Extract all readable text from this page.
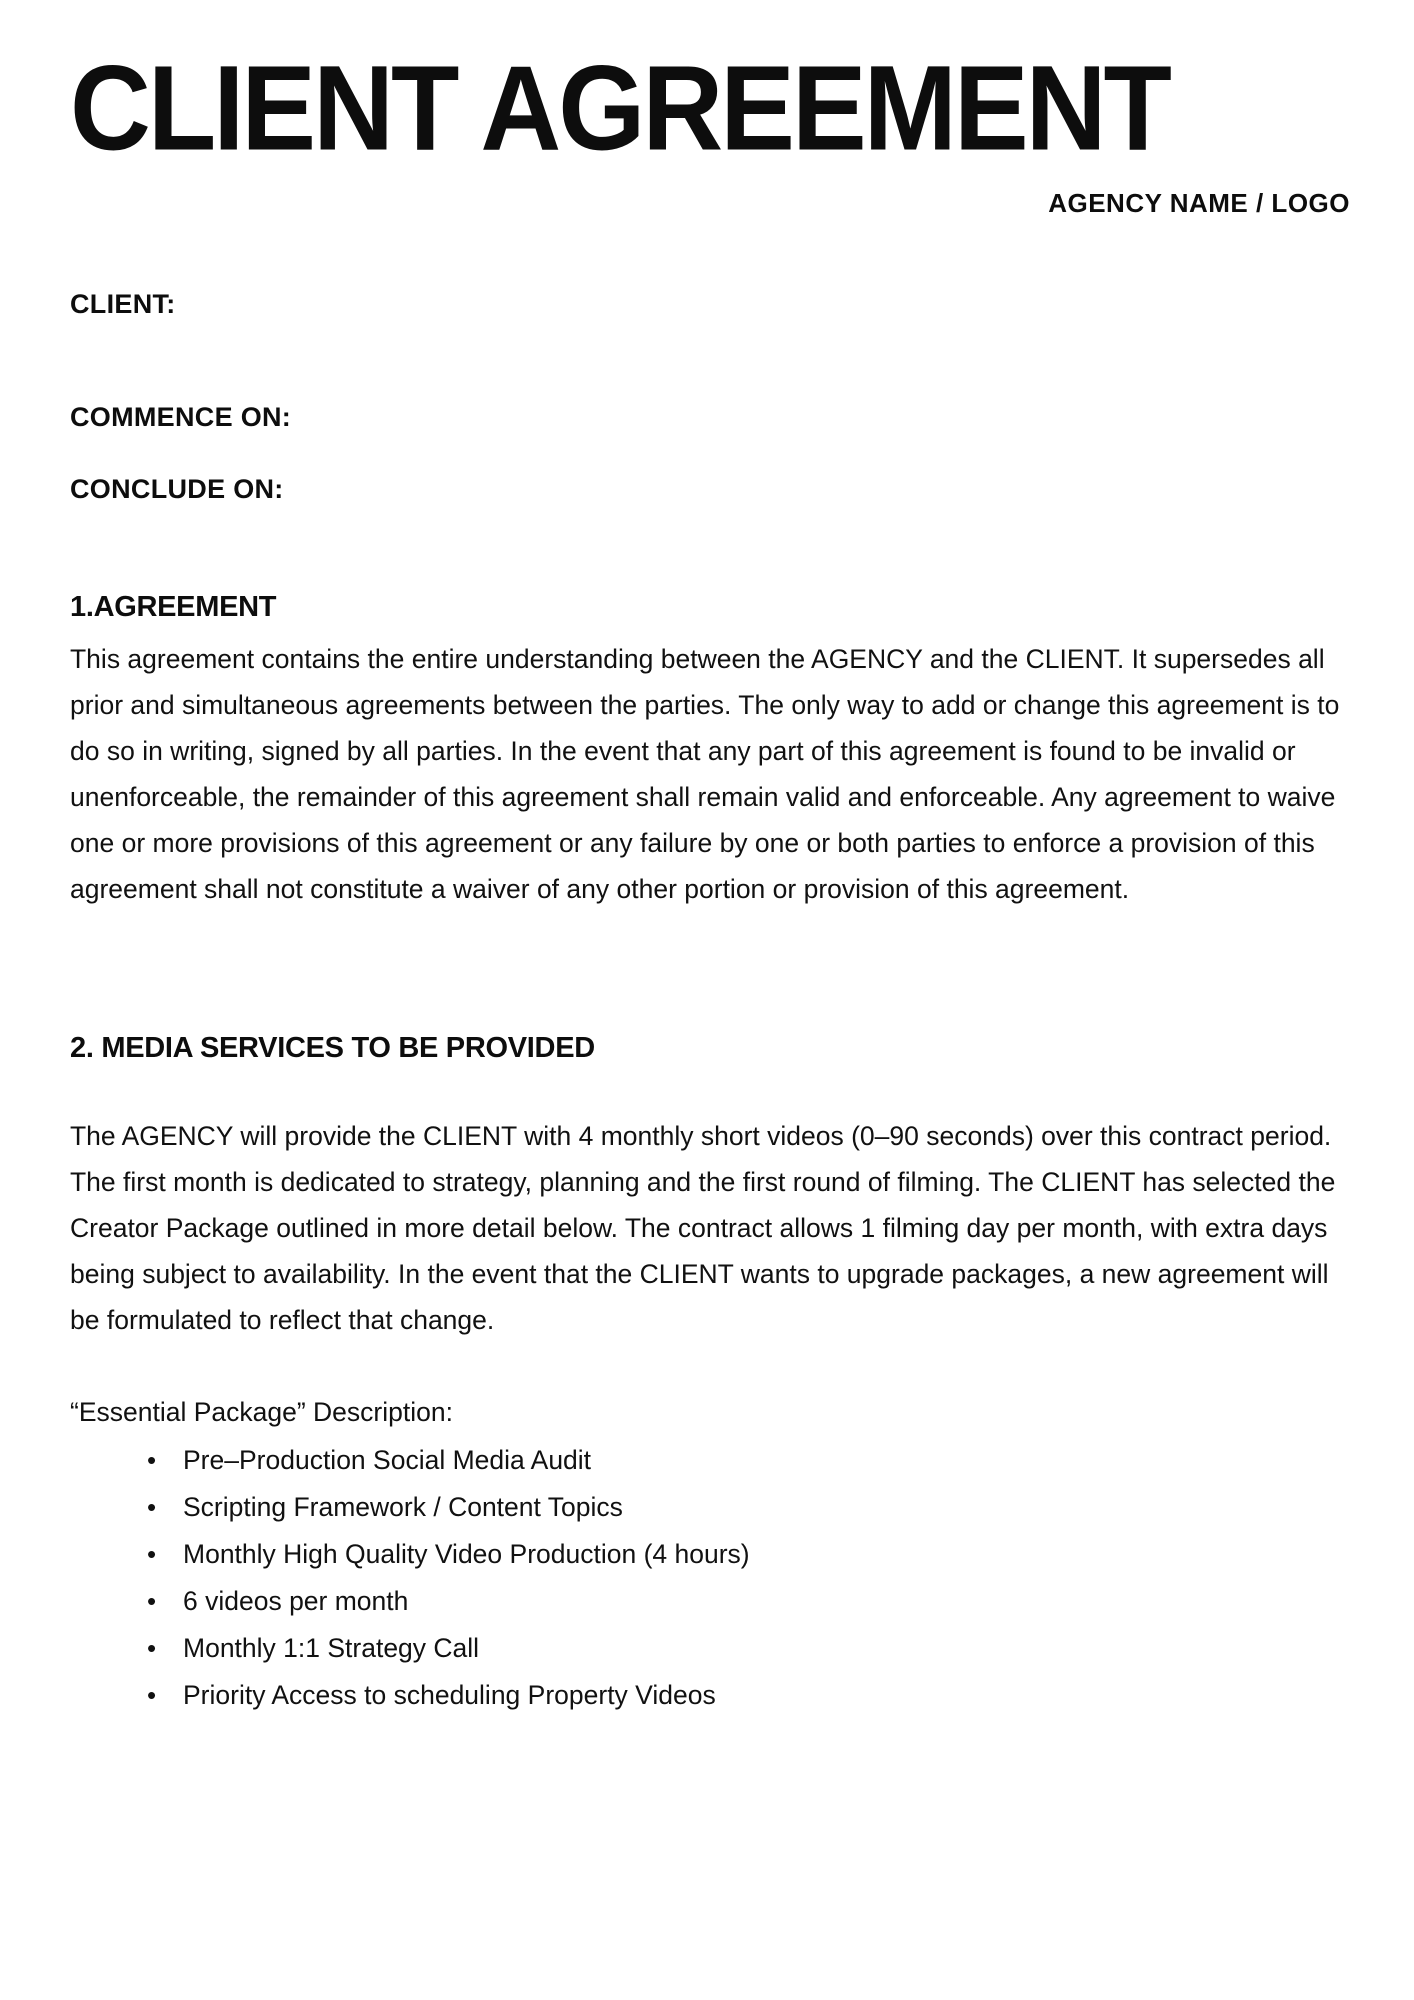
CLIENT AGREEMENT
AGENCY NAME / LOGO
CLIENT:
COMMENCE ON:
CONCLUDE ON:
1.AGREEMENT

This agreement contains the entire understanding between the AGENCY and the CLIENT. It supersedes all prior and simultaneous agreements between the parties. The only way to add or change this agreement is to do so in writing, signed by all parties. In the event that any part of this agreement is found to be invalid or unenforceable, the remainder of this agreement shall remain valid and enforceable. Any agreement to waive one or more provisions of this agreement or any failure by one or both parties to enforce a provision of this agreement shall not constitute a waiver of any other portion or provision of this agreement.

2. MEDIA SERVICES TO BE PROVIDED

The AGENCY will provide the CLIENT with 4 monthly short videos (0–90 seconds) over this contract period. The first month is dedicated to strategy, planning and the first round of filming. The CLIENT has selected the Creator Package outlined in more detail below. The contract allows 1 filming day per month, with extra days being subject to availability. In the event that the CLIENT wants to upgrade packages, a new agreement will be formulated to reflect that change.

“Essential Package” Description:
• Pre–Production Social Media Audit
• Scripting Framework / Content Topics
• Monthly High Quality Video Production (4 hours)
• 6 videos per month
• Monthly 1:1 Strategy Call
• Priority Access to scheduling Property Videos
